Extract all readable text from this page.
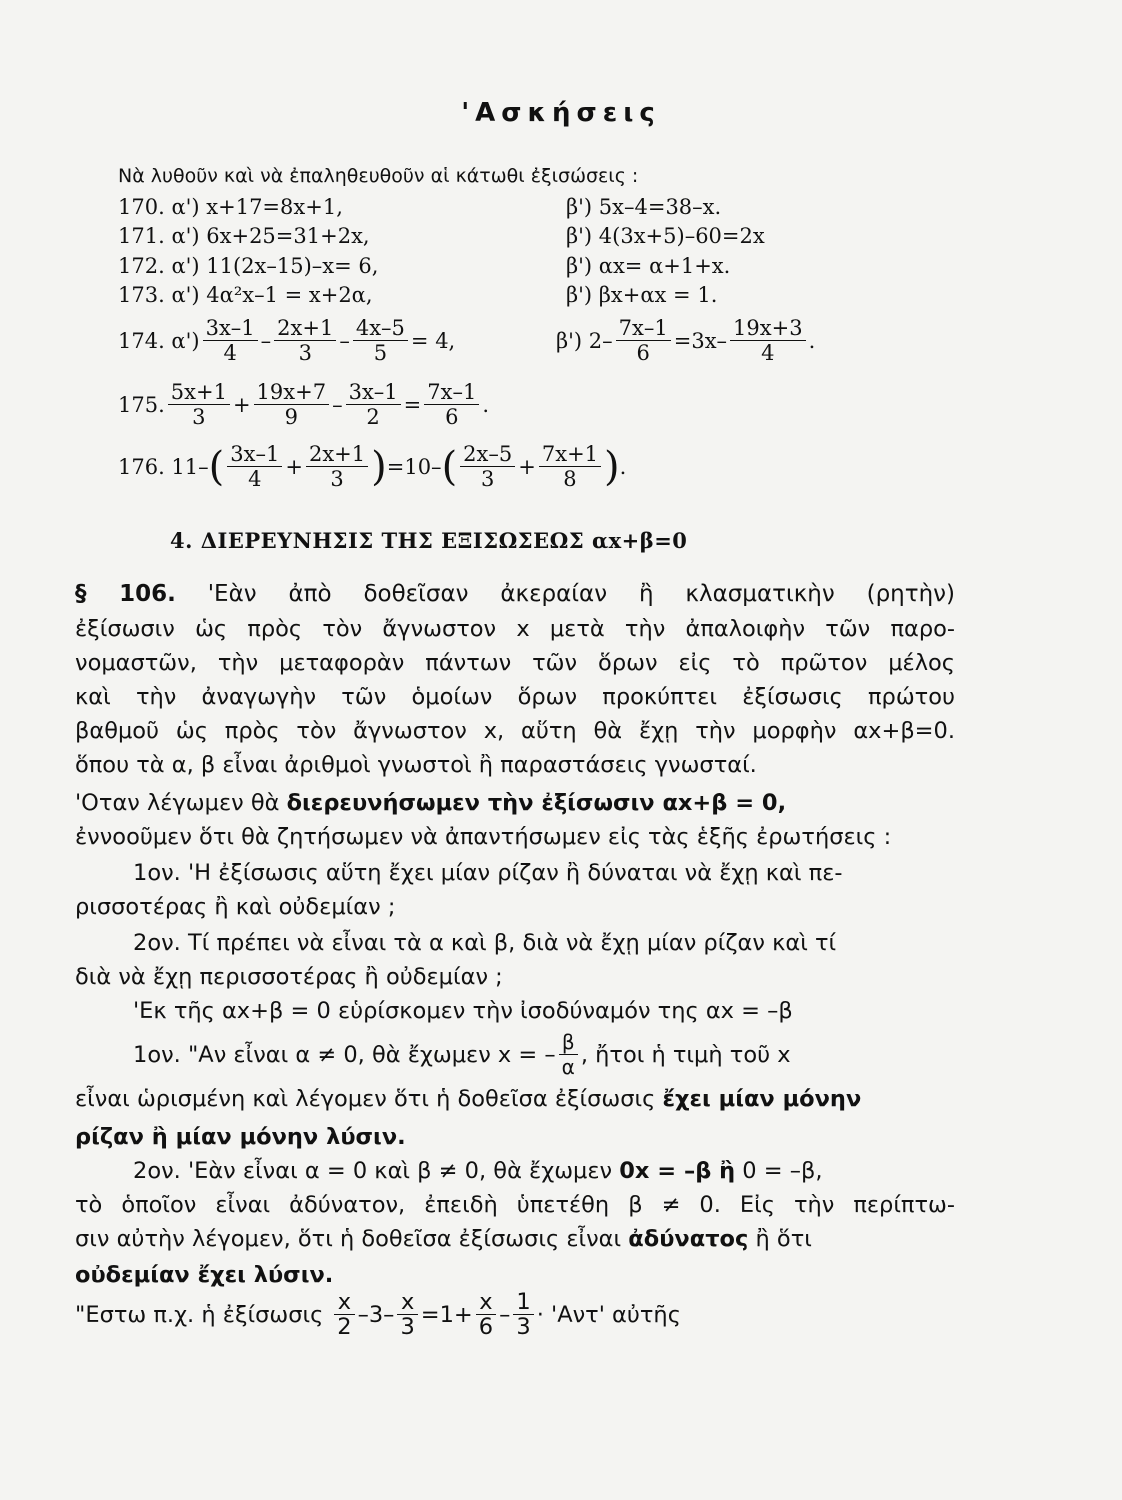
'Ασκήσεις
Νὰ λυθοῦν καὶ νὰ ἐπαληθευθοῦν αἱ κάτωθι ἐξισώσεις :
170. α') x+17=8x+1,	β') 5x–4=38–x.
171. α') 6x+25=31+2x,	β') 4(3x+5)–60=2x
172. α') 11(2x–15)–x= 6,	β') αx= α+1+x.
173. α') 4α²x–1 = x+2α,	β') βx+αx = 1.
174. $\alpha') \frac{3x-1}{4} - \frac{2x+1}{3} - \frac{4x-5}{5} = 4$,	β') $2- \frac{7x-1}{6} =3x- \frac{19x+3}{4}$ .
175. $\frac{5x+1}{3} + \frac{19x+7}{9} - \frac{3x-1}{2} = \frac{7x-1}{6}$ .
176. 11– ( $\frac{3x-1}{4} + \frac{2x+1}{3}$ ) =10– ( $\frac{2x-5}{3} + \frac{7x+1}{8}$ ) .
4. ΔΙΕΡΕΥΝΗΣΙΣ ΤΗΣ ΕΞΙΣΩΣΕΩΣ αx+β=0
§ 106. 'Εὰν ἀπὸ δοθεῖσαν ἀκεραίαν ἢ κλασματικὴν (ρητὴν)
ἐξίσωσιν ὡς πρὸς τὸν ἄγνωστον x μετὰ τὴν ἀπαλοιφὴν τῶν παρο-
νομαστῶν, τὴν μεταφορὰν πάντων τῶν ὅρων εἰς τὸ πρῶτον μέλος
καὶ τὴν ἀναγωγὴν τῶν ὁμοίων ὅρων προκύπτει ἐξίσωσις πρώτου
βαθμοῦ ὡς πρὸς τὸν ἄγνωστον x, αὕτη θὰ ἔχῃ τὴν μορφὴν αx+β=0.
ὅπου τὰ α, β εἶναι ἀριθμοὶ γνωστοὶ ἢ παραστάσεις γνωσταί.
'Οταν λέγωμεν θὰ διερευνήσωμεν τὴν ἐξίσωσιν αx+β = 0,
ἐννοοῦμεν ὅτι θὰ ζητήσωμεν νὰ ἀπαντήσωμεν εἰς τὰς ἑξῆς ἐρωτήσεις :
1ον. 'Η ἐξίσωσις αὕτη ἔχει μίαν ρίζαν ἢ δύναται νὰ ἔχῃ καὶ πε-
ρισσοτέρας ἢ καὶ οὐδεμίαν ;
2ον. Τί πρέπει νὰ εἶναι τὰ α καὶ β, διὰ νὰ ἔχῃ μίαν ρίζαν καὶ τί
διὰ νὰ ἔχῃ περισσοτέρας ἢ οὐδεμίαν ;
'Εκ τῆς αx+β = 0 εὑρίσκομεν τὴν ἰσοδύναμόν της αx = –β
1ον. "Αν εἶναι α ≠ 0, θὰ ἔχωμεν x = – $\frac{\beta}{\alpha}$ , ἤτοι ἡ τιμὴ τοῦ x
εἶναι ὡρισμένη καὶ λέγομεν ὅτι ἡ δοθεῖσα ἐξίσωσις ἔχει μίαν μόνην
ρίζαν ἢ μίαν μόνην λύσιν.
2ον. 'Εὰν εἶναι α = 0 καὶ β ≠ 0, θὰ ἔχωμεν 0x = –β ἢ 0 = –β,
τὸ ὁποῖον εἶναι ἀδύνατον, ἐπειδὴ ὑπετέθη β ≠ 0. Εἰς τὴν περίπτω-
σιν αὐτὴν λέγομεν, ὅτι ἡ δοθεῖσα ἐξίσωσις εἶναι ἀδύνατος ἢ ὅτι
οὐδεμίαν ἔχει λύσιν.
"Εστω π.χ. ἡ ἐξίσωσις $\frac{x}{2} -3- \frac{x}{3} =1+ \frac{x}{6} - \frac{1}{3}$ · 'Αντ' αὐτῆς
